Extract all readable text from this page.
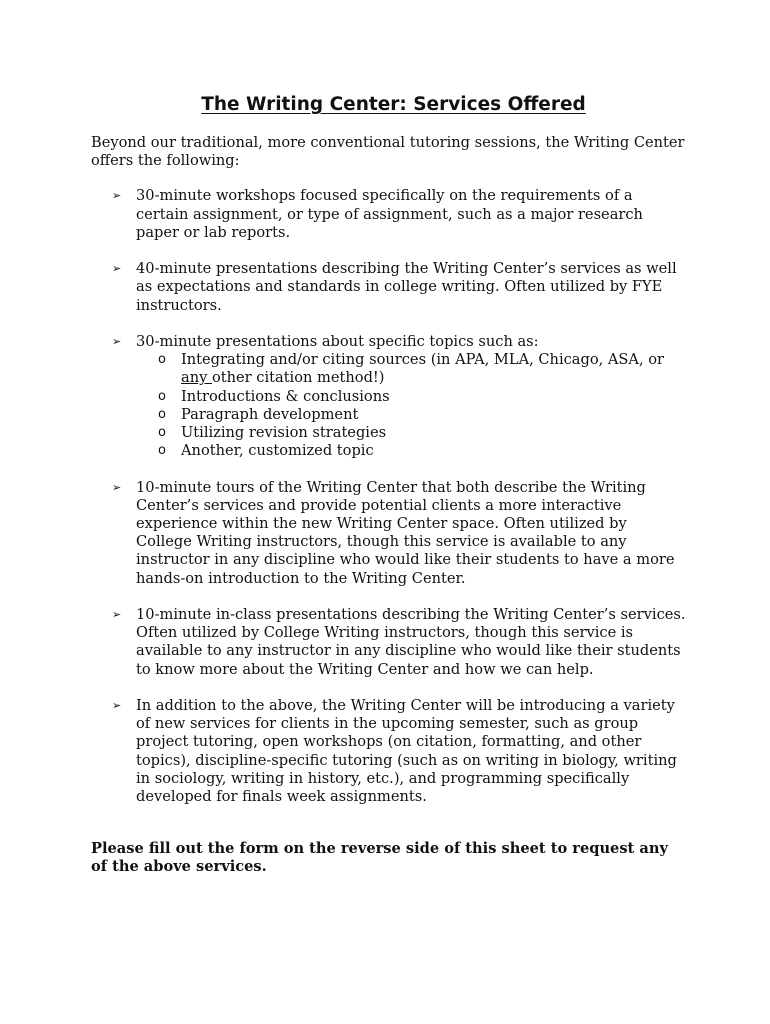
The Writing Center: Services Offered

Beyond our traditional, more conventional tutoring sessions, the Writing Center offers the following:

➢ 30-minute workshops focused specifically on the requirements of a certain assignment, or type of assignment, such as a major research paper or lab reports.
➢ 40-minute presentations describing the Writing Center’s services as well as expectations and standards in college writing. Often utilized by FYE instructors.
➢ 30-minute presentations about specific topics such as:
o Integrating and/or citing sources (in APA, MLA, Chicago, ASA, or any other citation method!)
o Introductions & conclusions
o Paragraph development
o Utilizing revision strategies
o Another, customized topic
➢ 10-minute tours of the Writing Center that both describe the Writing Center’s services and provide potential clients a more interactive experience within the new Writing Center space. Often utilized by College Writing instructors, though this service is available to any instructor in any discipline who would like their students to have a more hands-on introduction to the Writing Center.
➢ 10-minute in-class presentations describing the Writing Center’s services. Often utilized by College Writing instructors, though this service is available to any instructor in any discipline who would like their students to know more about the Writing Center and how we can help.
➢ In addition to the above, the Writing Center will be introducing a variety of new services for clients in the upcoming semester, such as group project tutoring, open workshops (on citation, formatting, and other topics), discipline-specific tutoring (such as on writing in biology, writing in sociology, writing in history, etc.), and programming specifically developed for finals week assignments.

Please fill out the form on the reverse side of this sheet to request any of the above services.
